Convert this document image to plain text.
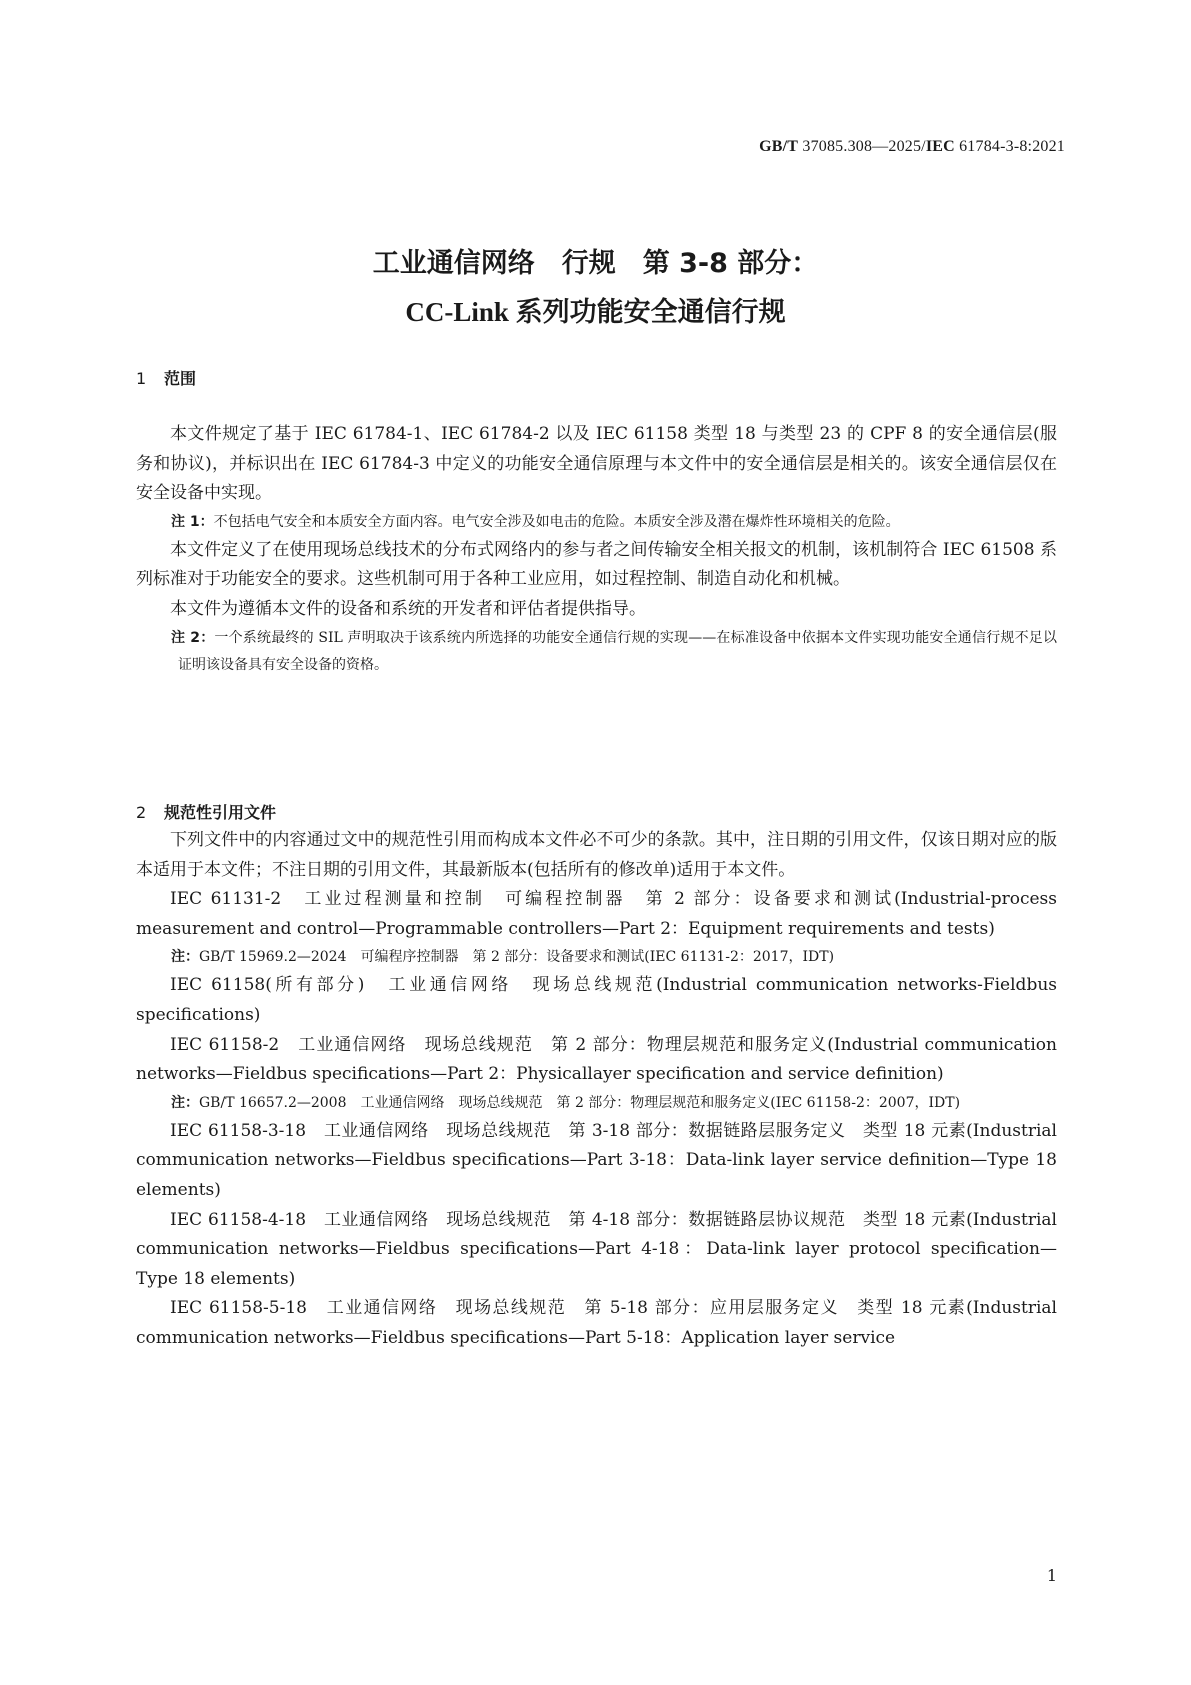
GB/T 37085.308—2025/IEC 61784-3-8:2021
工业通信网络　行规　第 3-8 部分：
CC-Link 系列功能安全通信行规
1 范围

本文件规定了基于 IEC 61784-1、IEC 61784-2 以及 IEC 61158 类型 18 与类型 23 的 CPF 8 的安全通信层(服务和协议)，并标识出在 IEC 61784-3 中定义的功能安全通信原理与本文件中的安全通信层是相关的。该安全通信层仅在安全设备中实现。

注 1：不包括电气安全和本质安全方面内容。电气安全涉及如电击的危险。本质安全涉及潜在爆炸性环境相关的危险。

本文件定义了在使用现场总线技术的分布式网络内的参与者之间传输安全相关报文的机制，该机制符合 IEC 61508 系列标准对于功能安全的要求。这些机制可用于各种工业应用，如过程控制、制造自动化和机械。

本文件为遵循本文件的设备和系统的开发者和评估者提供指导。

注 2：一个系统最终的 SIL 声明取决于该系统内所选择的功能安全通信行规的实现——在标准设备中依据本文件实现功能安全通信行规不足以证明该设备具有安全设备的资格。

2 规范性引用文件

下列文件中的内容通过文中的规范性引用而构成本文件必不可少的条款。其中，注日期的引用文件，仅该日期对应的版本适用于本文件；不注日期的引用文件，其最新版本(包括所有的修改单)适用于本文件。

IEC 61131-2　工业过程测量和控制　可编程控制器　第 2 部分：设备要求和测试(Industrial-process measurement and control—Programmable controllers—Part 2：Equipment requirements and tests)

注：GB/T 15969.2—2024　可编程序控制器　第 2 部分：设备要求和测试(IEC 61131-2：2017，IDT)

IEC 61158(所有部分)　工业通信网络　现场总线规范(Industrial communication networks-Fieldbus specifications)

IEC 61158-2　工业通信网络　现场总线规范　第 2 部分：物理层规范和服务定义(Industrial communication networks—Fieldbus specifications—Part 2：Physicallayer specification and service definition)

注：GB/T 16657.2—2008　工业通信网络　现场总线规范　第 2 部分：物理层规范和服务定义(IEC 61158-2：2007，IDT)

IEC 61158-3-18　工业通信网络　现场总线规范　第 3-18 部分：数据链路层服务定义　类型 18 元素(Industrial communication networks—Fieldbus specifications—Part 3-18：Data-link layer service definition—Type 18 elements)

IEC 61158-4-18　工业通信网络　现场总线规范　第 4-18 部分：数据链路层协议规范　类型 18 元素(Industrial communication networks—Fieldbus specifications—Part 4-18：Data-link layer protocol specification—Type 18 elements)

IEC 61158-5-18　工业通信网络　现场总线规范　第 5-18 部分：应用层服务定义　类型 18 元素(Industrial communication networks—Fieldbus specifications—Part 5-18：Application layer service

1
